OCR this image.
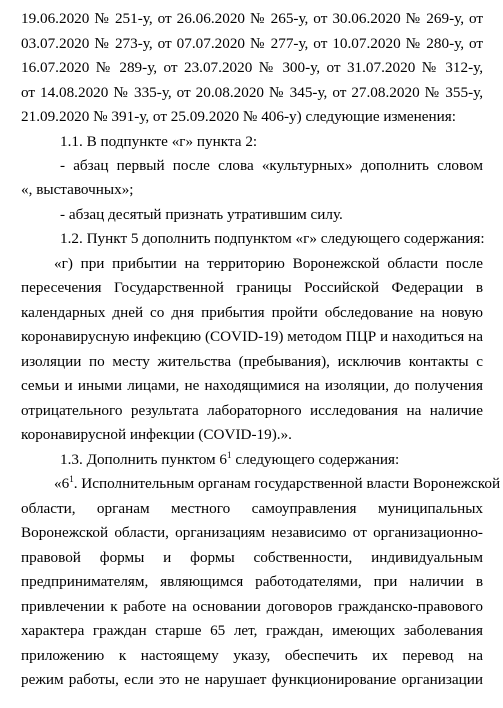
19.06.2020 № 251-у, от 26.06.2020 № 265-у, от 30.06.2020 № 269-у, от
03.07.2020 № 273-у, от 07.07.2020 № 277-у, от 10.07.2020 № 280-у, от
16.07.2020 № 289-у, от 23.07.2020 № 300-у, от 31.07.2020 № 312-у,
от 14.08.2020 № 335-у, от 20.08.2020 № 345-у, от 27.08.2020 № 355-у,
21.09.2020 № 391-у, от 25.09.2020 № 406-у) следующие изменения:
1.1. В подпункте «г» пункта 2:
- абзац первый после слова «культурных» дополнить словом
«, выставочных»;
- абзац десятый признать утратившим силу.
1.2. Пункт 5 дополнить подпунктом «г» следующего содержания:
«г) при прибытии на территорию Воронежской области после
пересечения Государственной границы Российской Федерации в
календарных дней со дня прибытия пройти обследование на новую
коронавирусную инфекцию (COVID-19) методом ПЦР и находиться на
изоляции по месту жительства (пребывания), исключив контакты с
семьи и иными лицами, не находящимися на изоляции, до получения
отрицательного результата лабораторного исследования на наличие
коронавирусной инфекции (COVID-19).».
1.3. Дополнить пунктом $6^1$ следующего содержания:
«$6^1$. Исполнительным органам государственной власти Воронежской
области, органам местного самоуправления муниципальных
Воронежской области, организациям независимо от организационно-
правовой формы и формы собственности, индивидуальным
предпринимателям, являющимся работодателями, при наличии в
привлечении к работе на основании договоров гражданско-правового
характера граждан старше 65 лет, граждан, имеющих заболевания
приложению к настоящему указу, обеспечить их перевод на
режим работы, если это не нарушает функционирование организации
